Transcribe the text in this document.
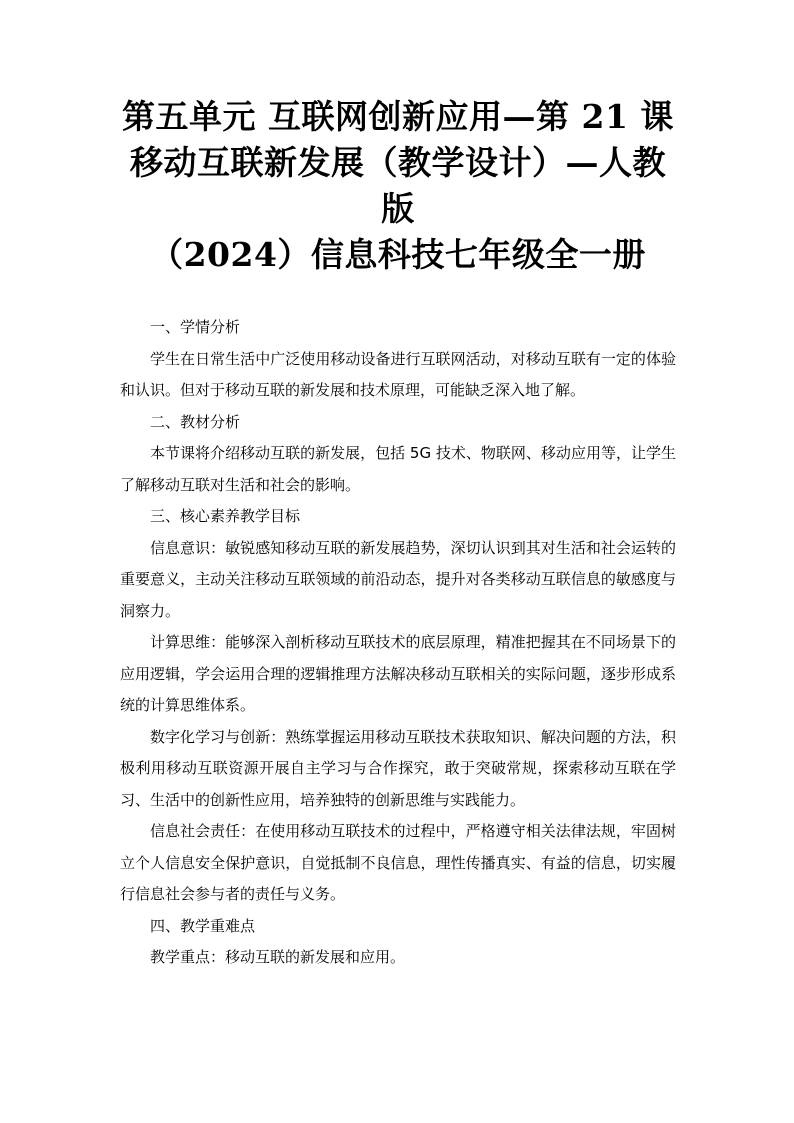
第五单元 互联网创新应用—第 21 课
移动互联新发展（教学设计）—人教版
（2024）信息科技七年级全一册

一、学情分析

学生在日常生活中广泛使用移动设备进行互联网活动，对移动互联有一定的体验和认识。但对于移动互联的新发展和技术原理，可能缺乏深入地了解。

二、教材分析

本节课将介绍移动互联的新发展，包括 5G 技术、物联网、移动应用等，让学生了解移动互联对生活和社会的影响。

三、核心素养教学目标

信息意识：敏锐感知移动互联的新发展趋势，深切认识到其对生活和社会运转的重要意义，主动关注移动互联领域的前沿动态，提升对各类移动互联信息的敏感度与洞察力。

计算思维：能够深入剖析移动互联技术的底层原理，精准把握其在不同场景下的应用逻辑，学会运用合理的逻辑推理方法解决移动互联相关的实际问题，逐步形成系统的计算思维体系。

数字化学习与创新：熟练掌握运用移动互联技术获取知识、解决问题的方法，积极利用移动互联资源开展自主学习与合作探究，敢于突破常规，探索移动互联在学习、生活中的创新性应用，培养独特的创新思维与实践能力。

信息社会责任：在使用移动互联技术的过程中，严格遵守相关法律法规，牢固树立个人信息安全保护意识，自觉抵制不良信息，理性传播真实、有益的信息，切实履行信息社会参与者的责任与义务。

四、教学重难点

教学重点：移动互联的新发展和应用。
